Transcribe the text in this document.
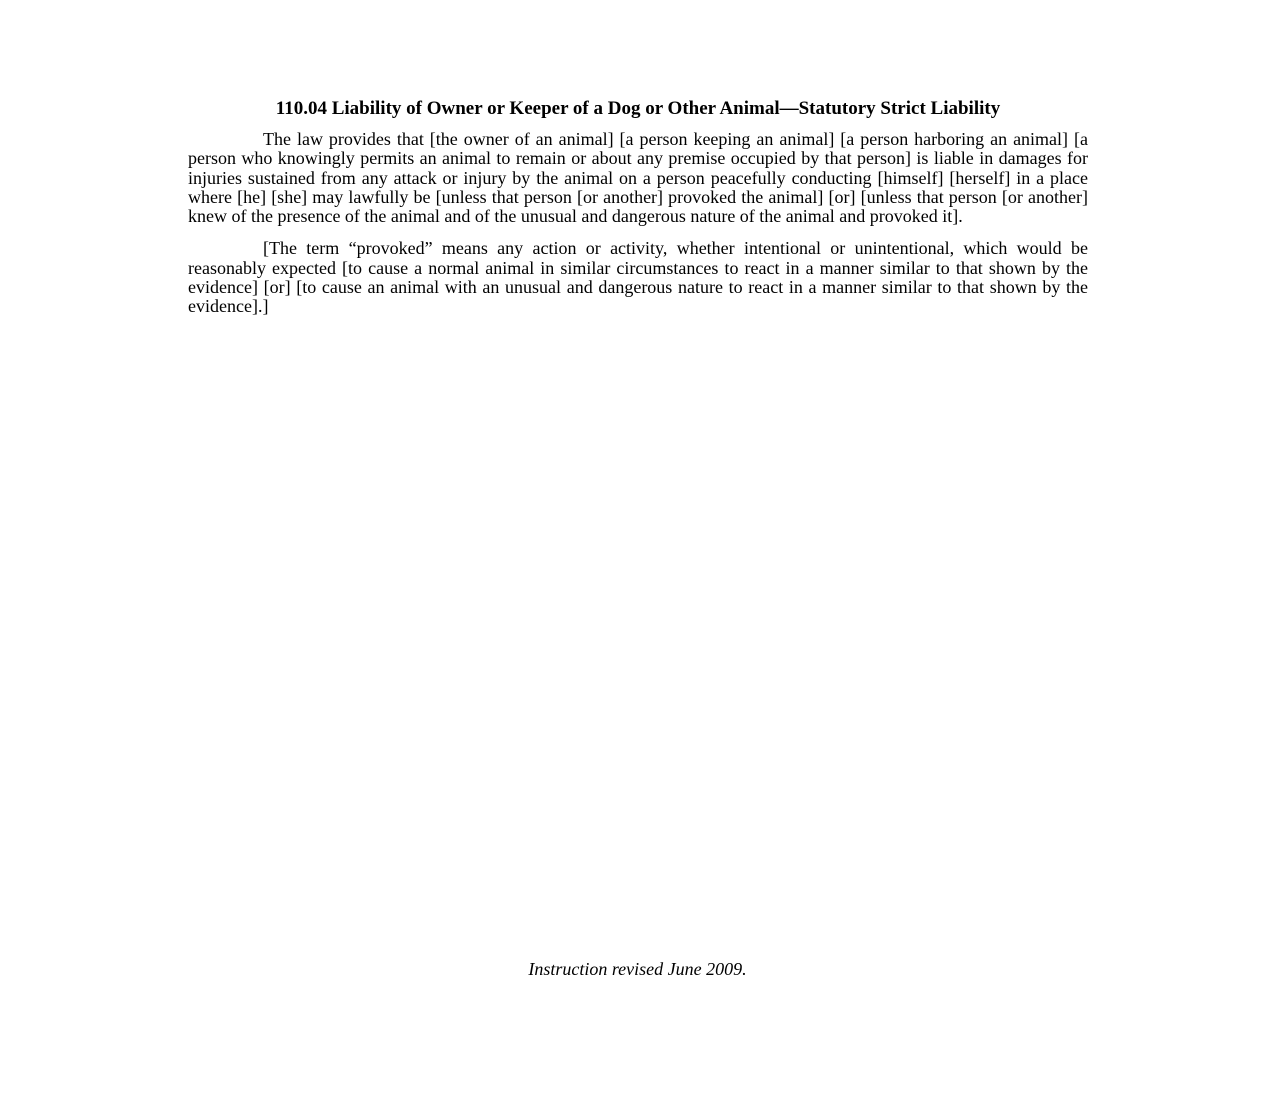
110.04 Liability of Owner or Keeper of a Dog or Other Animal—Statutory Strict Liability

The law provides that [the owner of an animal] [a person keeping an animal] [a person harboring an animal] [a person who knowingly permits an animal to remain or about any premise occupied by that person] is liable in damages for injuries sustained from any attack or injury by the animal on a person peacefully conducting [himself] [herself] in a place where [he] [she] may lawfully be [unless that person [or another] provoked the animal] [or] [unless that person [or another] knew of the presence of the animal and of the unusual and dangerous nature of the animal and provoked it].

[The term “provoked” means any action or activity, whether intentional or unintentional, which would be reasonably expected [to cause a normal animal in similar circumstances to react in a manner similar to that shown by the evidence] [or] [to cause an animal with an unusual and dangerous nature to react in a manner similar to that shown by the evidence].]

Instruction revised June 2009.
